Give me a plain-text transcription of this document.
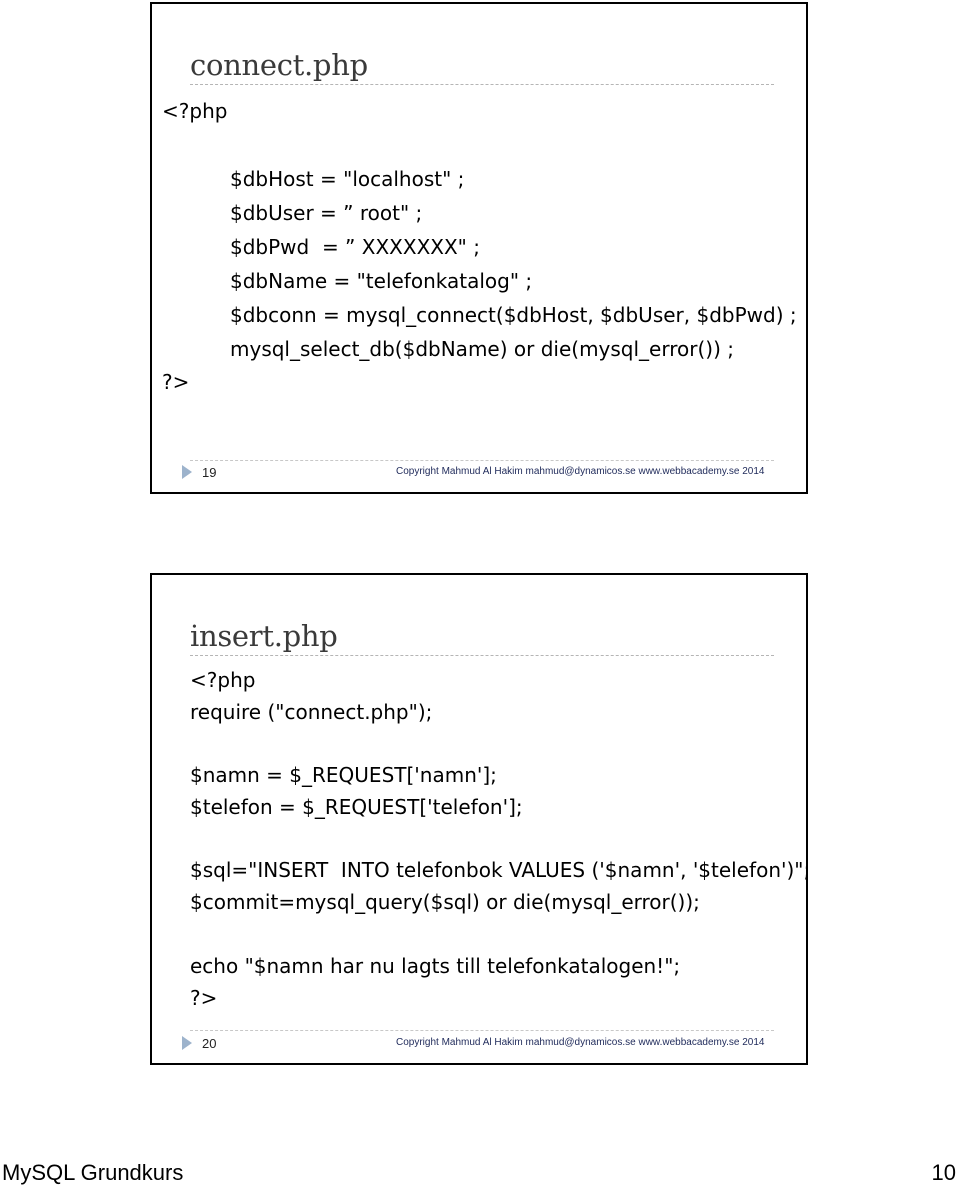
connect.php
<?php
$dbHost = "localhost" ;
$dbUser = ” root" ;
$dbPwd  = ” XXXXXXX" ;
$dbName = "telefonkatalog" ;
$dbconn = mysql_connect($dbHost, $dbUser, $dbPwd) ;
mysql_select_db($dbName) or die(mysql_error()) ;
?>
19	Copyright Mahmud Al Hakim mahmud@dynamicos.se www.webbacademy.se 2014
insert.php
<?php
require ("connect.php");
$namn = $_REQUEST['namn'];
$telefon = $_REQUEST['telefon'];
$sql="INSERT  INTO telefonbok VALUES ('$namn', '$telefon')";
$commit=mysql_query($sql) or die(mysql_error());
echo "$namn har nu lagts till telefonkatalogen!";
?>
20	Copyright Mahmud Al Hakim mahmud@dynamicos.se www.webbacademy.se 2014
MySQL Grundkurs	10
